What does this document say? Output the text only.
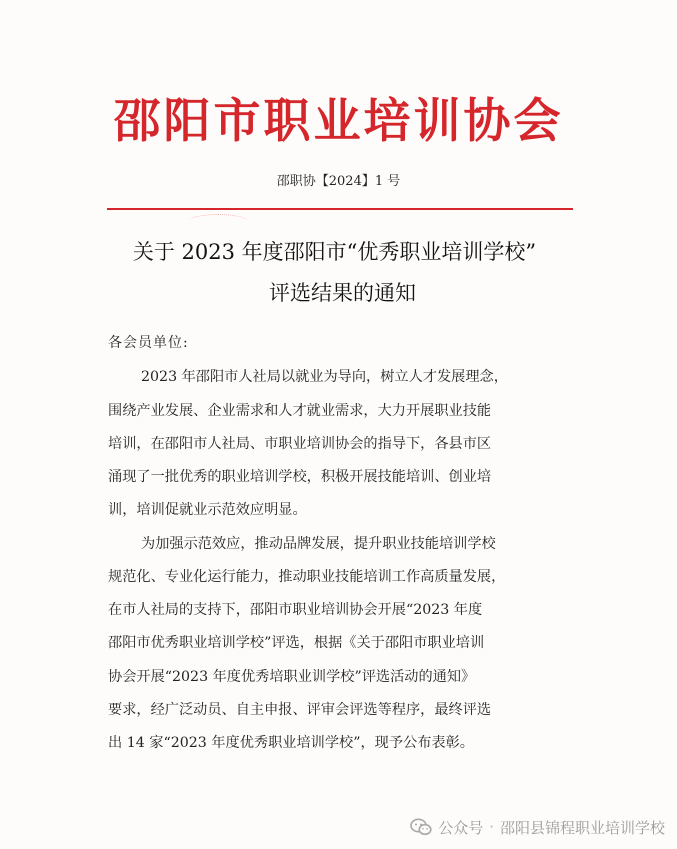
邵阳市职业培训协会
邵职协【2024】1 号
关于 2023 年度邵阳市“优秀职业培训学校”
评选结果的通知
各会员单位:
2023 年邵阳市人社局以就业为导向，树立人才发展理念，
围绕产业发展、企业需求和人才就业需求，大力开展职业技能
培训，在邵阳市人社局、市职业培训协会的指导下，各县市区
涌现了一批优秀的职业培训学校，积极开展技能培训、创业培
训，培训促就业示范效应明显。
为加强示范效应，推动品牌发展，提升职业技能培训学校
规范化、专业化运行能力，推动职业技能培训工作高质量发展，
在市人社局的支持下，邵阳市职业培训协会开展“2023 年度
邵阳市优秀职业培训学校”评选，根据《关于邵阳市职业培训
协会开展“2023 年度优秀培职业训学校”评选活动的通知》
要求，经广泛动员、自主申报、评审会评选等程序，最终评选
出 14 家“2023 年度优秀职业培训学校”，现予公布表彰。
公众号 · 邵阳县锦程职业培训学校
